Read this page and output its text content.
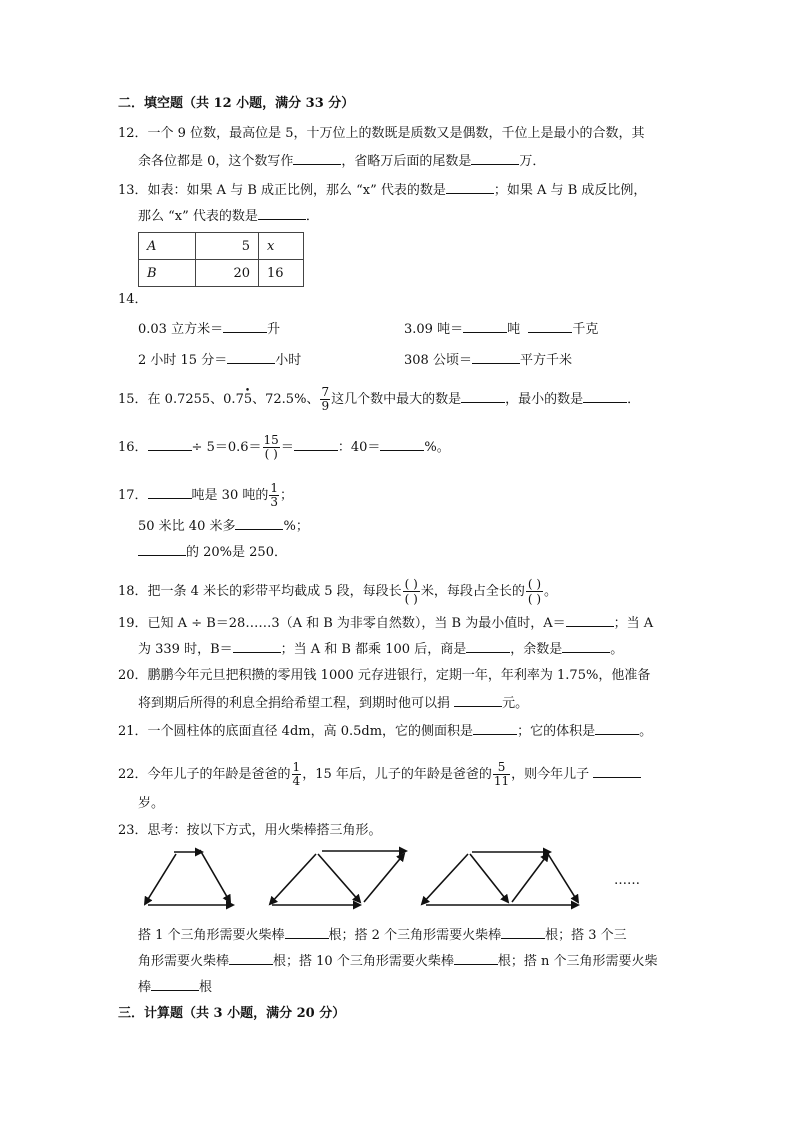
二．填空题（共 12 小题，满分 33 分）
12．一个 9 位数，最高位是 5，十万位上的数既是质数又是偶数，千位上是最小的合数，其
余各位都是 0，这个数写作	，省略万后面的尾数是	万．
13．如表：如果 A 与 B 成正比例，那么 “x” 代表的数是	；如果 A 与 B 成反比例，
那么 “x” 代表的数是	．
A	5	x
B	20	16
14．
0.03 立方米＝	升	3.09 吨＝	吨	千克
2 小时 15 分＝	小时	308 公顷＝	平方千米
15．在 0.7255、0.7• 5、72.5%、 $\frac{7}{9}$ 这几个数中最大的数是	，最小的数是	．
16．	÷ $5=0.6= \frac{15}{( )}$ ＝	：40＝	%。
17．	吨是 30 吨的 $\frac{1}{3}$ ；
50 米比 40 米多	%；
的 20%是 250．
18．把一条 4 米长的彩带平均截成 5 段，每段长 ( )
( ) 米，每段占全长的 ( )
( ) 。
19．已知 A ÷ B＝28……3（A 和 B 为非零自然数），当 B 为最小值时，A＝	；当 A
为 339 时，B＝	；当 A 和 B 都乘 100 后，商是	，余数是	。
20．鹏鹏今年元旦把积攒的零用钱 1000 元存进银行，定期一年，年利率为 1.75%，他准备
将到期后所得的利息全捐给希望工程，到期时他可以捐	元。
21．一个圆柱体的底面直径 4dm，高 0.5dm，它的侧面积是	；它的体积是	。
22．今年儿子的年龄是爸爸的 $\frac{1}{4}$ ，15 年后，儿子的年龄是爸爸的 $\frac{5}{11}$ ，则今年儿子
岁。
23．思考：按以下方式，用火柴棒搭三角形。
……
搭 1 个三角形需要火柴棒	根；搭 2 个三角形需要火柴棒	根；搭 3 个三
角形需要火柴棒	根；搭 10 个三角形需要火柴棒	根；搭 n 个三角形需要火柴
棒	根
三．计算题（共 3 小题，满分 20 分）
